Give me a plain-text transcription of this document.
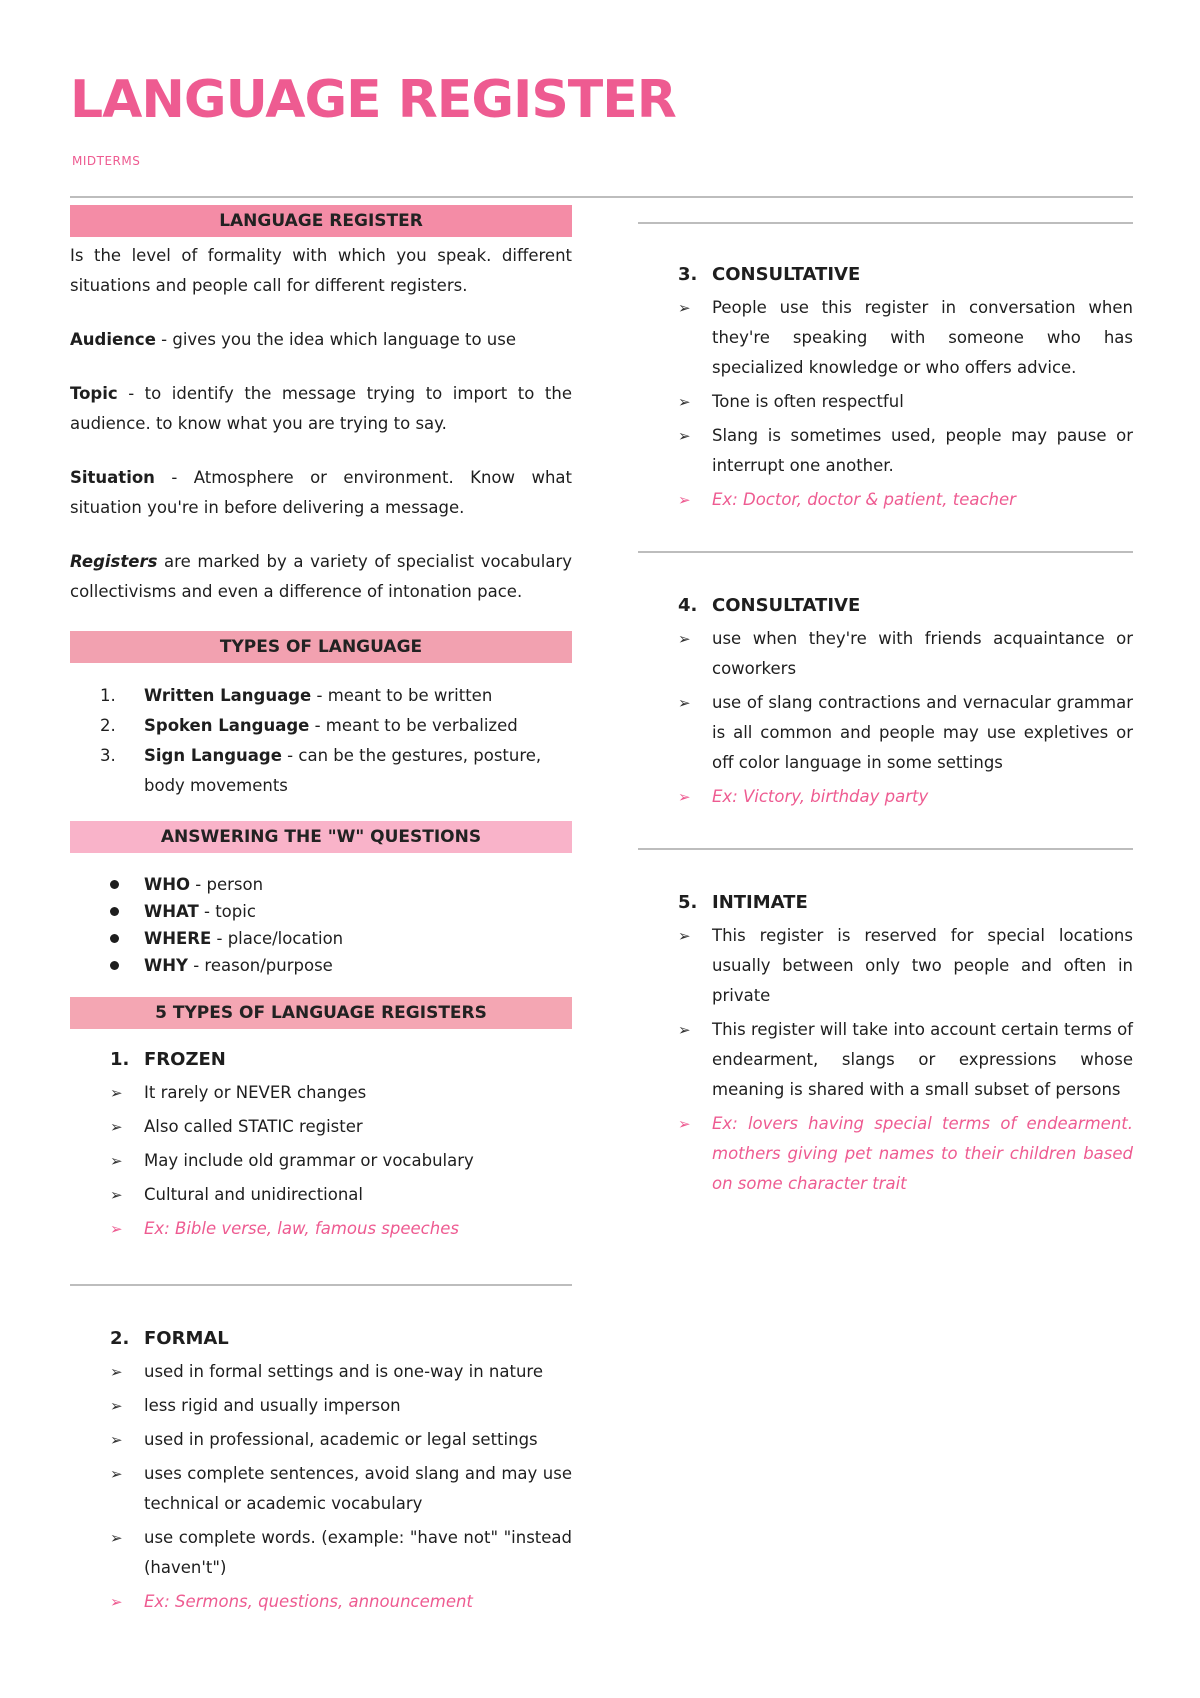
LANGUAGE REGISTER
MIDTERMS
LANGUAGE REGISTER

Is the level of formality with which you speak. different situations and people call for different registers.

Audience - gives you the idea which language to use

Topic - to identify the message trying to import to the audience. to know what you are trying to say.

Situation - Atmosphere or environment. Know what situation you're in before delivering a message.

Registers are marked by a variety of specialist vocabulary collectivisms and even a difference of intonation pace.

TYPES OF LANGUAGE
1. Written Language - meant to be written
2. Spoken Language - meant to be verbalized
3. Sign Language - can be the gestures, posture, body movements
ANSWERING THE "W" QUESTIONS
WHO - person
WHAT - topic
WHERE - place/location
WHY - reason/purpose
5 TYPES OF LANGUAGE REGISTERS
1. FROZEN
➢ It rarely or NEVER changes
➢ Also called STATIC register
➢ May include old grammar or vocabulary
➢ Cultural and unidirectional
➢ Ex: Bible verse, law, famous speeches
2. FORMAL
➢ used in formal settings and is one-way in nature
➢ less rigid and usually imperson
➢ used in professional, academic or legal settings
➢ uses complete sentences, avoid slang and may use technical or academic vocabulary
➢ use complete words. (example: "have not" "instead (haven't")
➢ Ex: Sermons, questions, announcement
3. CONSULTATIVE
➢ People use this register in conversation when they're speaking with someone who has specialized knowledge or who offers advice.
➢ Tone is often respectful
➢ Slang is sometimes used, people may pause or interrupt one another.
➢ Ex: Doctor, doctor & patient, teacher
4. CONSULTATIVE
➢ use when they're with friends acquaintance or coworkers
➢ use of slang contractions and vernacular grammar is all common and people may use expletives or off color language in some settings
➢ Ex: Victory, birthday party
5. INTIMATE
➢ This register is reserved for special locations usually between only two people and often in private
➢ This register will take into account certain terms of endearment, slangs or expressions whose meaning is shared with a small subset of persons
➢ Ex: lovers having special terms of endearment. mothers giving pet names to their children based on some character trait
